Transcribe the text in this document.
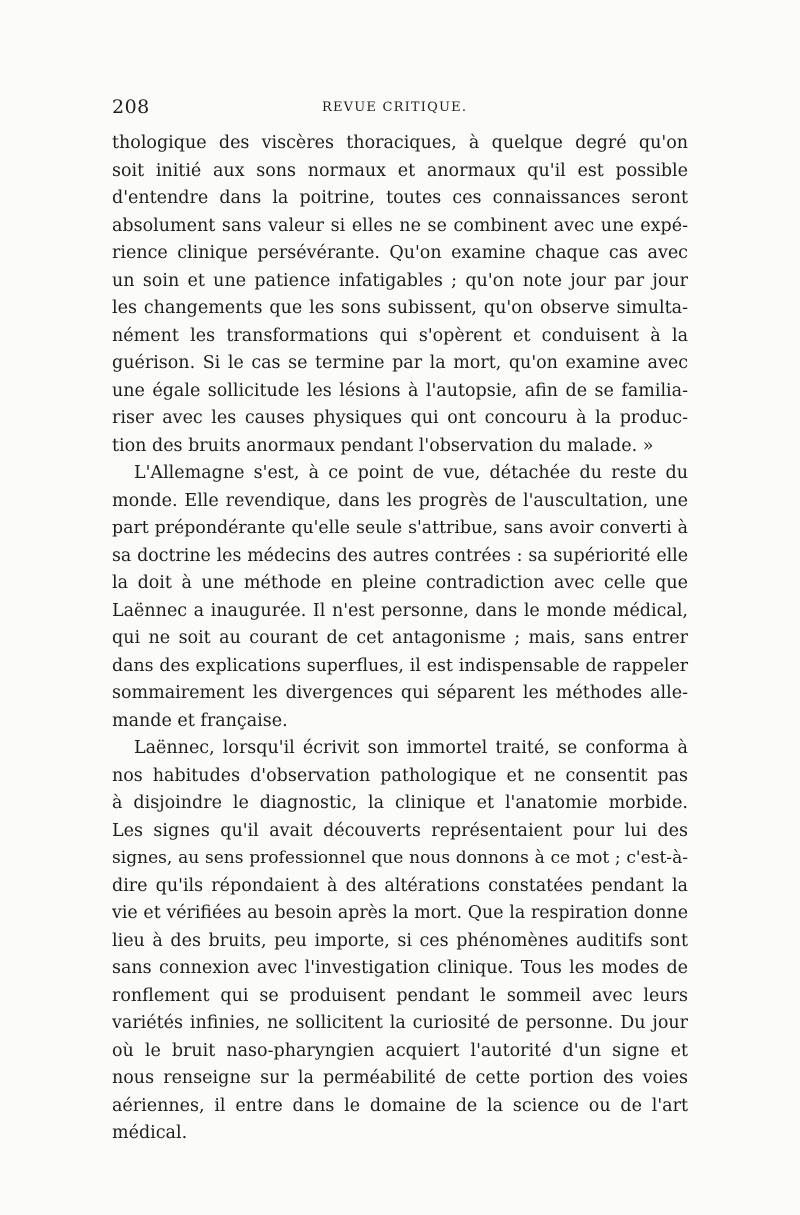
208	REVUE CRITIQUE.
thologique des viscères thoraciques, à quelque degré qu'on
soit initié aux sons normaux et anormaux qu'il est possible
d'entendre dans la poitrine, toutes ces connaissances seront
absolument sans valeur si elles ne se combinent avec une expé-
rience clinique persévérante. Qu'on examine chaque cas avec
un soin et une patience infatigables ; qu'on note jour par jour
les changements que les sons subissent, qu'on observe simulta-
nément les transformations qui s'opèrent et conduisent à la
guérison. Si le cas se termine par la mort, qu'on examine avec
une égale sollicitude les lésions à l'autopsie, afin de se familia-
riser avec les causes physiques qui ont concouru à la produc-
tion des bruits anormaux pendant l'observation du malade. »
L'Allemagne s'est, à ce point de vue, détachée du reste du
monde. Elle revendique, dans les progrès de l'auscultation, une
part prépondérante qu'elle seule s'attribue, sans avoir converti à
sa doctrine les médecins des autres contrées : sa supériorité elle
la doit à une méthode en pleine contradiction avec celle que
Laënnec a inaugurée. Il n'est personne, dans le monde médical,
qui ne soit au courant de cet antagonisme ; mais, sans entrer
dans des explications superflues, il est indispensable de rappeler
sommairement les divergences qui séparent les méthodes alle-
mande et française.
Laënnec, lorsqu'il écrivit son immortel traité, se conforma à
nos habitudes d'observation pathologique et ne consentit pas
à disjoindre le diagnostic, la clinique et l'anatomie morbide.
Les signes qu'il avait découverts représentaient pour lui des
signes, au sens professionnel que nous donnons à ce mot ; c'est-à-
dire qu'ils répondaient à des altérations constatées pendant la
vie et vérifiées au besoin après la mort. Que la respiration donne
lieu à des bruits, peu importe, si ces phénomènes auditifs sont
sans connexion avec l'investigation clinique. Tous les modes de
ronflement qui se produisent pendant le sommeil avec leurs
variétés infinies, ne sollicitent la curiosité de personne. Du jour
où le bruit naso-pharyngien acquiert l'autorité d'un signe et
nous renseigne sur la perméabilité de cette portion des voies
aériennes, il entre dans le domaine de la science ou de l'art
médical.
